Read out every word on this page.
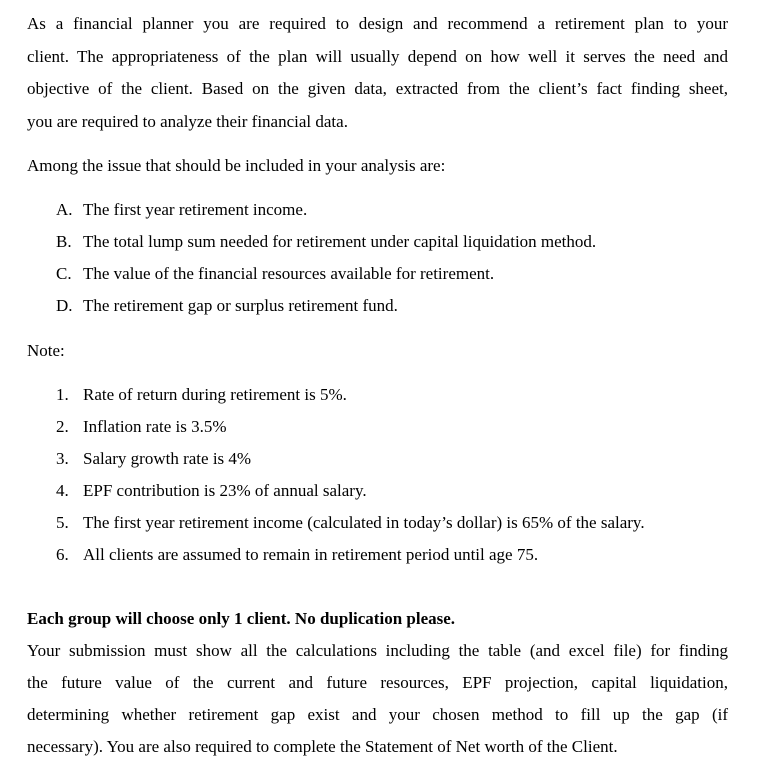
As a financial planner you are required to design and recommend a retirement plan to your
client. The appropriateness of the plan will usually depend on how well it serves the need and
objective of the client. Based on the given data, extracted from the client’s fact finding sheet,
you are required to analyze their financial data.
Among the issue that should be included in your analysis are:
A. The first year retirement income.
B. The total lump sum needed for retirement under capital liquidation method.
C. The value of the financial resources available for retirement.
D. The retirement gap or surplus retirement fund.
Note:
1. Rate of return during retirement is 5%.
2. Inflation rate is 3.5%
3. Salary growth rate is 4%
4. EPF contribution is 23% of annual salary.
5. The first year retirement income (calculated in today’s dollar) is 65% of the salary.
6. All clients are assumed to remain in retirement period until age 75.
Each group will choose only 1 client. No duplication please.
Your submission must show all the calculations including the table (and excel file) for finding
the future value of the current and future resources, EPF projection, capital liquidation,
determining whether retirement gap exist and your chosen method to fill up the gap (if
necessary). You are also required to complete the Statement of Net worth of the Client.
